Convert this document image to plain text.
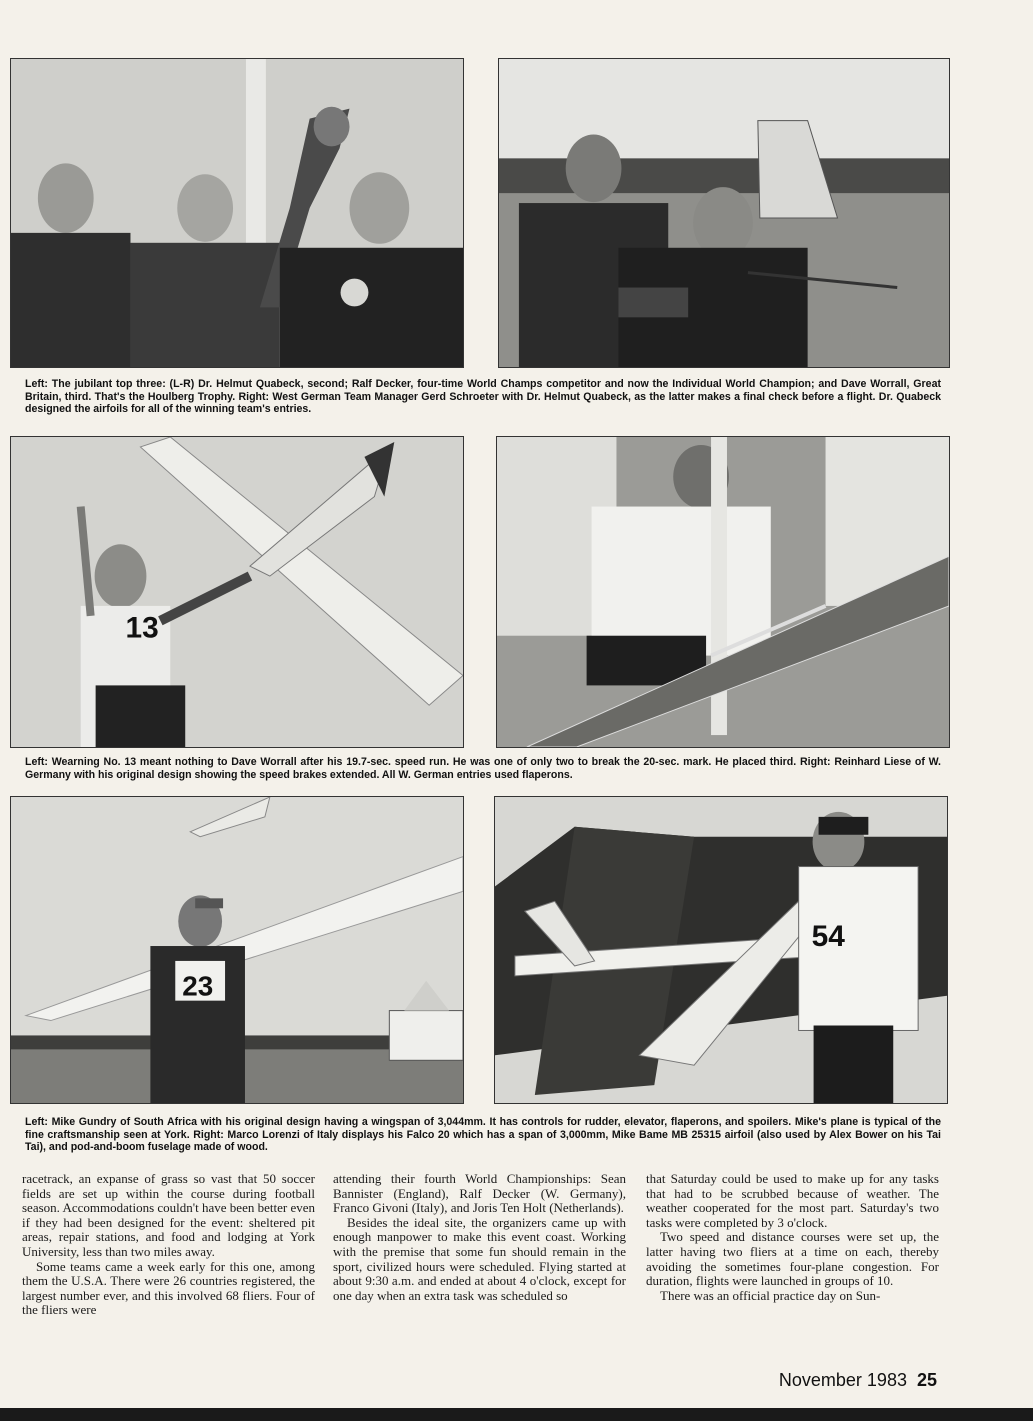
Left: The jubilant top three: (L-R) Dr. Helmut Quabeck, second; Ralf Decker, four-time World Champs competitor and now the Individual World Champion; and Dave Worrall, Great Britain, third. That's the Houlberg Trophy. Right: West German Team Manager Gerd Schroeter with Dr. Helmut Quabeck, as the latter makes a final check before a flight. Dr. Quabeck designed the airfoils for all of the winning team's entries.
13
Left: Wearning No. 13 meant nothing to Dave Worrall after his 19.7-sec. speed run. He was one of only two to break the 20-sec. mark. He placed third. Right: Reinhard Liese of W. Germany with his original design showing the speed brakes extended. All W. German entries used flaperons.
23
54
Left: Mike Gundry of South Africa with his original design having a wingspan of 3,044mm. It has controls for rudder, elevator, flaperons, and spoilers. Mike's plane is typical of the fine craftsmanship seen at York. Right: Marco Lorenzi of Italy displays his Falco 20 which has a span of 3,000mm, Mike Bame MB 25315 airfoil (also used by Alex Bower on his Tai Tai), and pod-and-boom fuselage made of wood.

racetrack, an expanse of grass so vast that 50 soccer fields are set up within the course during football season. Accommodations couldn't have been better even if they had been designed for the event: sheltered pit areas, repair stations, and food and lodging at York University, less than two miles away.

Some teams came a week early for this one, among them the U.S.A. There were 26 countries registered, the largest number ever, and this involved 68 fliers. Four of the fliers were

attending their fourth World Championships: Sean Bannister (England), Ralf Decker (W. Germany), Franco Givoni (Italy), and Joris Ten Holt (Netherlands).

Besides the ideal site, the organizers came up with enough manpower to make this event coast. Working with the premise that some fun should remain in the sport, civilized hours were scheduled. Flying started at about 9:30 a.m. and ended at about 4 o'clock, except for one day when an extra task was scheduled so

that Saturday could be used to make up for any tasks that had to be scrubbed because of weather. The weather cooperated for the most part. Saturday's two tasks were completed by 3 o'clock.

Two speed and distance courses were set up, the latter having two fliers at a time on each, thereby avoiding the sometimes four-plane congestion. For duration, flights were launched in groups of 10.

There was an official practice day on Sun-

November 1983 25
